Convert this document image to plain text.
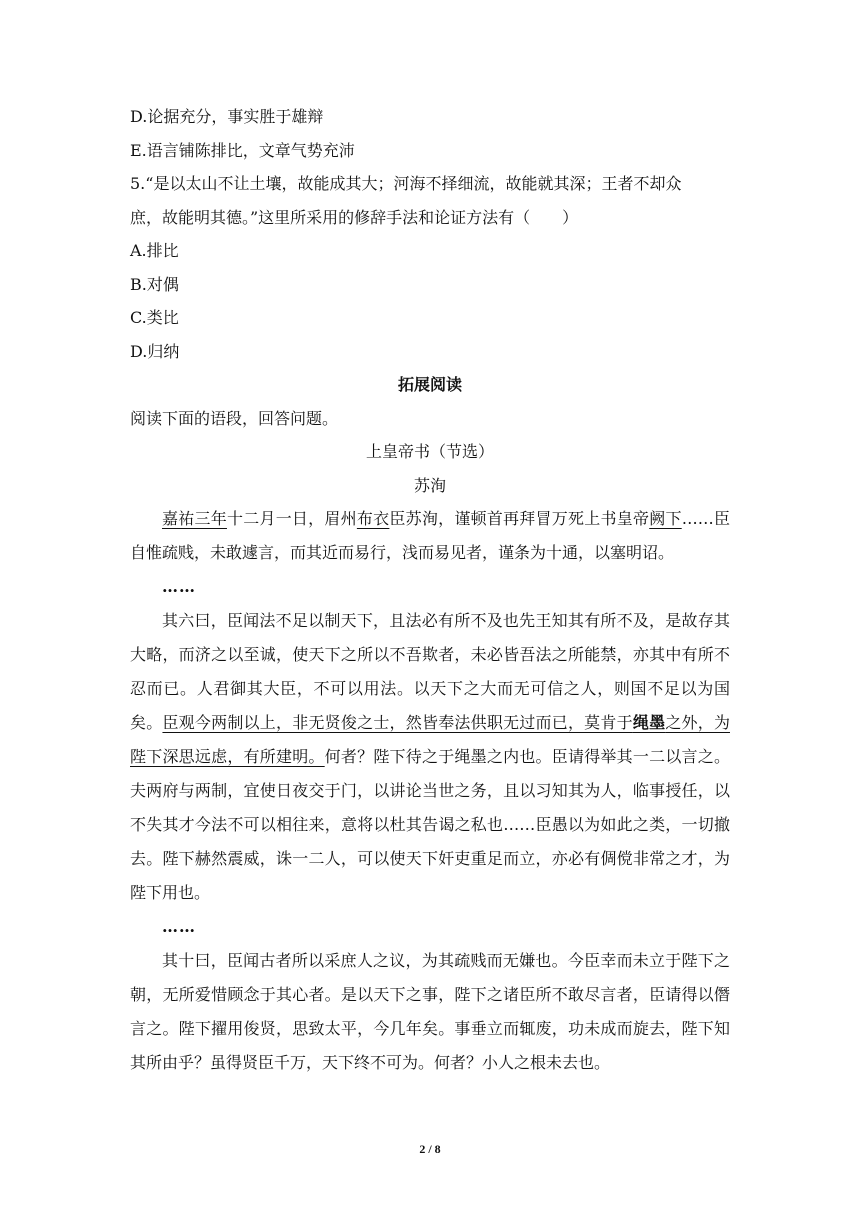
D.论据充分，事实胜于雄辩
E.语言铺陈排比，文章气势充沛
5.“是以太山不让土壤，故能成其大；河海不择细流，故能就其深；王者不却众
庶，故能明其德。”这里所采用的修辞手法和论证方法有（　　）
A.排比
B.对偶
C.类比
D.归纳
拓展阅读
阅读下面的语段，回答问题。
上皇帝书（节选）
苏洵

嘉祐三年十二月一日，眉州布衣臣苏洵，谨顿首再拜冒万死上书皇帝阙下……臣自惟疏贱，未敢遽言，而其近而易行，浅而易见者，谨条为十通，以塞明诏。

……

其六曰，臣闻法不足以制天下，且法必有所不及也先王知其有所不及，是故存其大略，而济之以至诚，使天下之所以不吾欺者，未必皆吾法之所能禁，亦其中有所不忍而已。人君御其大臣，不可以用法。以天下之大而无可信之人，则国不足以为国矣。臣观今两制以上，非无贤俊之士，然皆奉法供职无过而已，莫肯于绳墨之外，为陛下深思远虑，有所建明。何者？陛下待之于绳墨之内也。臣请得举其一二以言之。夫两府与两制，宜使日夜交于门，以讲论当世之务，且以习知其为人，临事授任，以不失其才今法不可以相往来，意将以杜其告谒之私也……臣愚以为如此之类，一切撤去。陛下赫然震威，诛一二人，可以使天下奸吏重足而立，亦必有倜傥非常之才，为陛下用也。

……

其十曰，臣闻古者所以采庶人之议，为其疏贱而无嫌也。今臣幸而未立于陛下之朝，无所爱惜顾念于其心者。是以天下之事，陛下之诸臣所不敢尽言者，臣请得以僭言之。陛下擢用俊贤，思致太平，今几年矣。事垂立而辄废，功未成而旋去，陛下知其所由乎？虽得贤臣千万，天下终不可为。何者？小人之根未去也。

2 / 8
